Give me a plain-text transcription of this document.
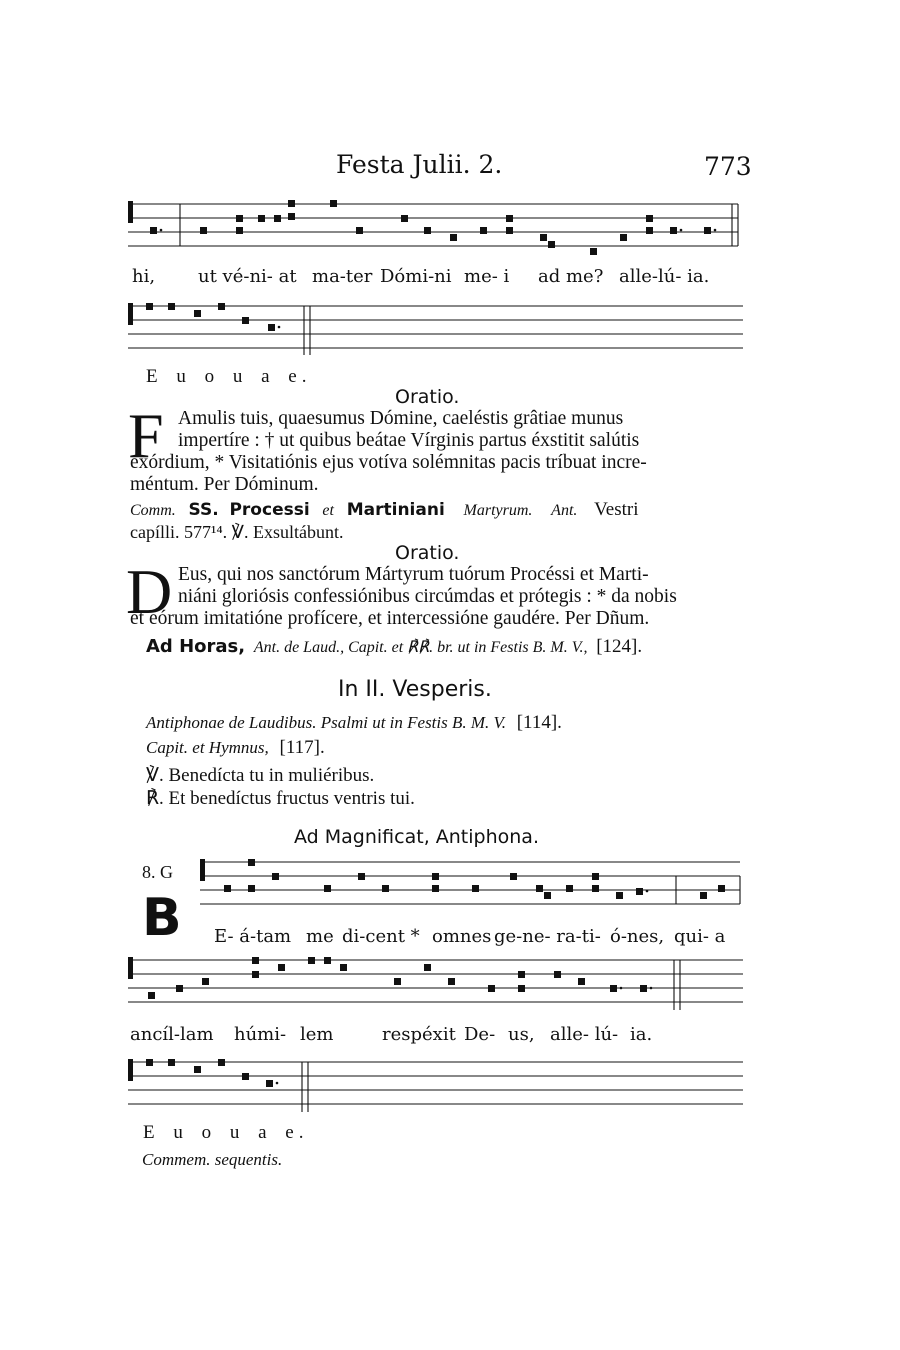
Festa Julii. 2.	773
hi, ut vé-ni- at ma-ter Dómi-ni me- i ad me? alle-lú- ia.
E u o u a e.
Oratio.
F Amulis tuis, quaesumus Dómine, caeléstis grâtiae munus
impertíre : † ut quibus beátae Vírginis partus éxstitit salútis
exórdium, * Visitatiónis ejus votíva solémnitas pacis tríbuat incre-
méntum. Per Dóminum.
Comm. SS. Processi et Martiniani Martyrum. Ant. Vestri
capílli. 577¹⁴. ℣. Exsultábunt.
Oratio.
D Eus, qui nos sanctórum Mártyrum tuórum Procéssi et Marti-
niáni gloriósis confessiónibus circúmdas et prótegis : * da nobis
et eórum imitatióne profícere, et intercessióne gaudére. Per Dñum.
Ad Horas, Ant. de Laud., Capit. et ℟℟. br. ut in Festis B. M. V., [124].
In II. Vesperis.
Antiphonae de Laudibus. Psalmi ut in Festis B. M. V. [114].
Capit. et Hymnus, [117].
℣. Benedícta tu in muliéribus.
℟. Et benedíctus fructus ventris tui.
Ad Magnificat, Antiphona.
8. G
B E- á-tam me di-cent * omnes ge-ne- ra-ti- ó-nes, qui- a
ancíl-lam húmi- lem	respéxit De- us, alle- lú- ia.
E u o u a e.
Commem. sequentis.
